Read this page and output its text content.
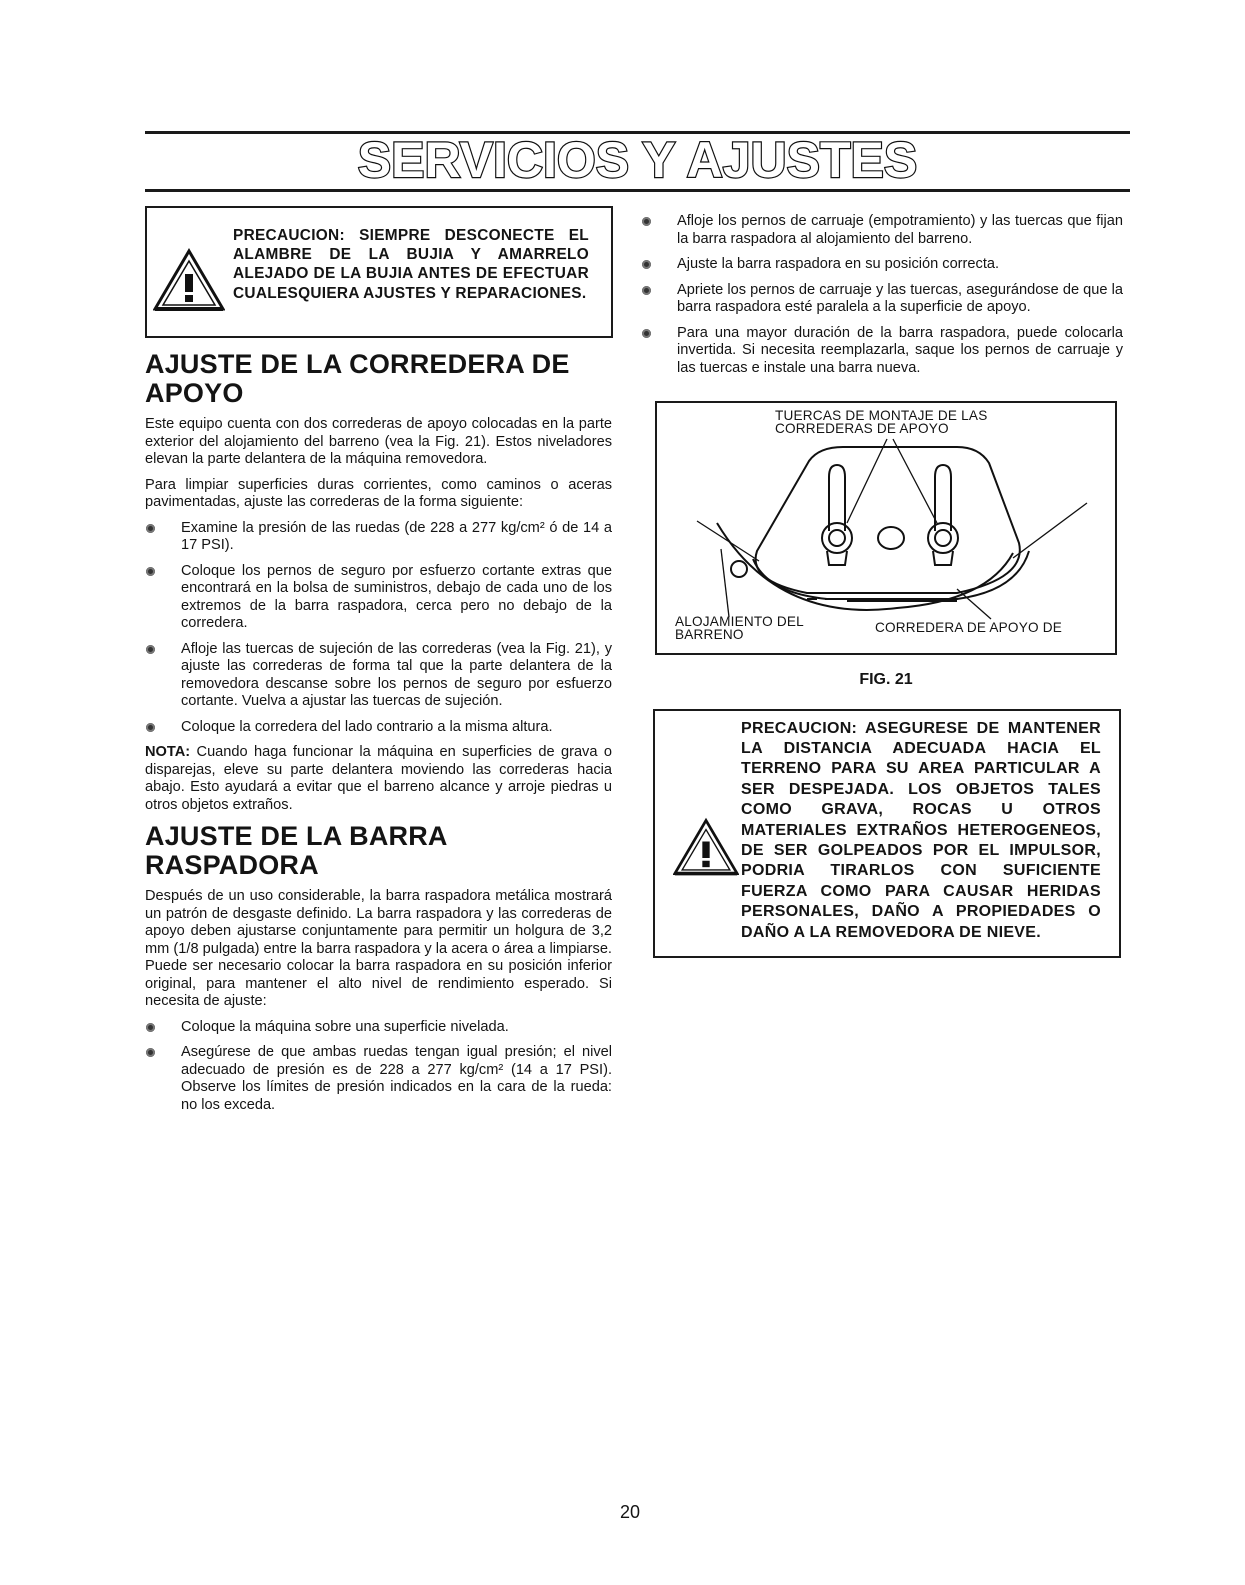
SERVICIOS Y AJUSTES
PRECAUCION: SIEMPRE DESCONECTE EL ALAMBRE DE LA BUJIA Y AMARRELO ALEJADO DE LA BUJIA ANTES DE EFECTUAR CUALESQUIERA AJUSTES Y REPARACIONES.
AJUSTE DE LA CORREDERA DE APOYO

Este equipo cuenta con dos correderas de apoyo colocadas en la parte exterior del alojamiento del barreno (vea la Fig. 21). Estos niveladores elevan la parte delantera de la máquina removedora.

Para limpiar superficies duras corrientes, como caminos o aceras pavimentadas, ajuste las correderas de la forma siguiente:

Examine la presión de las ruedas (de 228 a 277 kg/cm² ó de 14 a 17 PSI).
Coloque los pernos de seguro por esfuerzo cortante extras que encontrará en la bolsa de suministros, debajo de cada uno de los extremos de la barra raspadora, cerca pero no debajo de la corredera.
Afloje las tuercas de sujeción de las correderas (vea la Fig. 21), y ajuste las correderas de forma tal que la parte delantera de la removedora descanse sobre los pernos de seguro por esfuerzo cortante. Vuelva a ajustar las tuercas de sujeción.
Coloque la corredera del lado contrario a la misma altura.

NOTA: Cuando haga funcionar la máquina en superficies de grava o disparejas, eleve su parte delantera moviendo las correderas hacia abajo. Esto ayudará a evitar que el barreno alcance y arroje piedras u otros objetos extraños.

AJUSTE DE LA BARRA RASPADORA

Después de un uso considerable, la barra raspadora metálica mostrará un patrón de desgaste definido. La barra raspadora y las correderas de apoyo deben ajustarse conjuntamente para permitir un holgura de 3,2 mm (1/8 pulgada) entre la barra raspadora y la acera o área a limpiarse. Puede ser necesario colocar la barra raspadora en su posición inferior original, para mantener el alto nivel de rendimiento esperado. Si necesita de ajuste:

Coloque la máquina sobre una superficie nivelada.
Asegúrese de que ambas ruedas tengan igual presión; el nivel adecuado de presión es de 228 a 277 kg/cm² (14 a 17 PSI). Observe los límites de presión indicados en la cara de la rueda: no los exceda.
Afloje los pernos de carruaje (empotramiento) y las tuercas que fijan la barra raspadora al alojamiento del barreno.
Ajuste la barra raspadora en su posición correcta.
Apriete los pernos de carruaje y las tuercas, asegurándose de que la barra raspadora esté paralela a la superficie de apoyo.
Para una mayor duración de la barra raspadora, puede colocarla invertida. Si necesita reemplazarla, saque los pernos de carruaje y las tuercas e instale una barra nueva.
TUERCAS DE MONTAJE DE LAS CORREDERAS DE APOYO
ALOJAMIENTO DEL BARRENO	CORREDERA DE APOYO DE
FIG. 21
PRECAUCION: ASEGURESE DE MANTENER LA DISTANCIA ADECUADA HACIA EL TERRENO PARA SU AREA PARTICULAR A SER DESPEJADA. LOS OBJETOS TALES COMO GRAVA, ROCAS U OTROS MATERIALES EXTRAÑOS HETEROGENEOS, DE SER GOLPEADOS POR EL IMPULSOR, PODRIA TIRARLOS CON SUFICIENTE FUERZA COMO PARA CAUSAR HERIDAS PERSONALES, DAÑO A PROPIEDADES O DAÑO A LA REMOVEDORA DE NIEVE.
20
